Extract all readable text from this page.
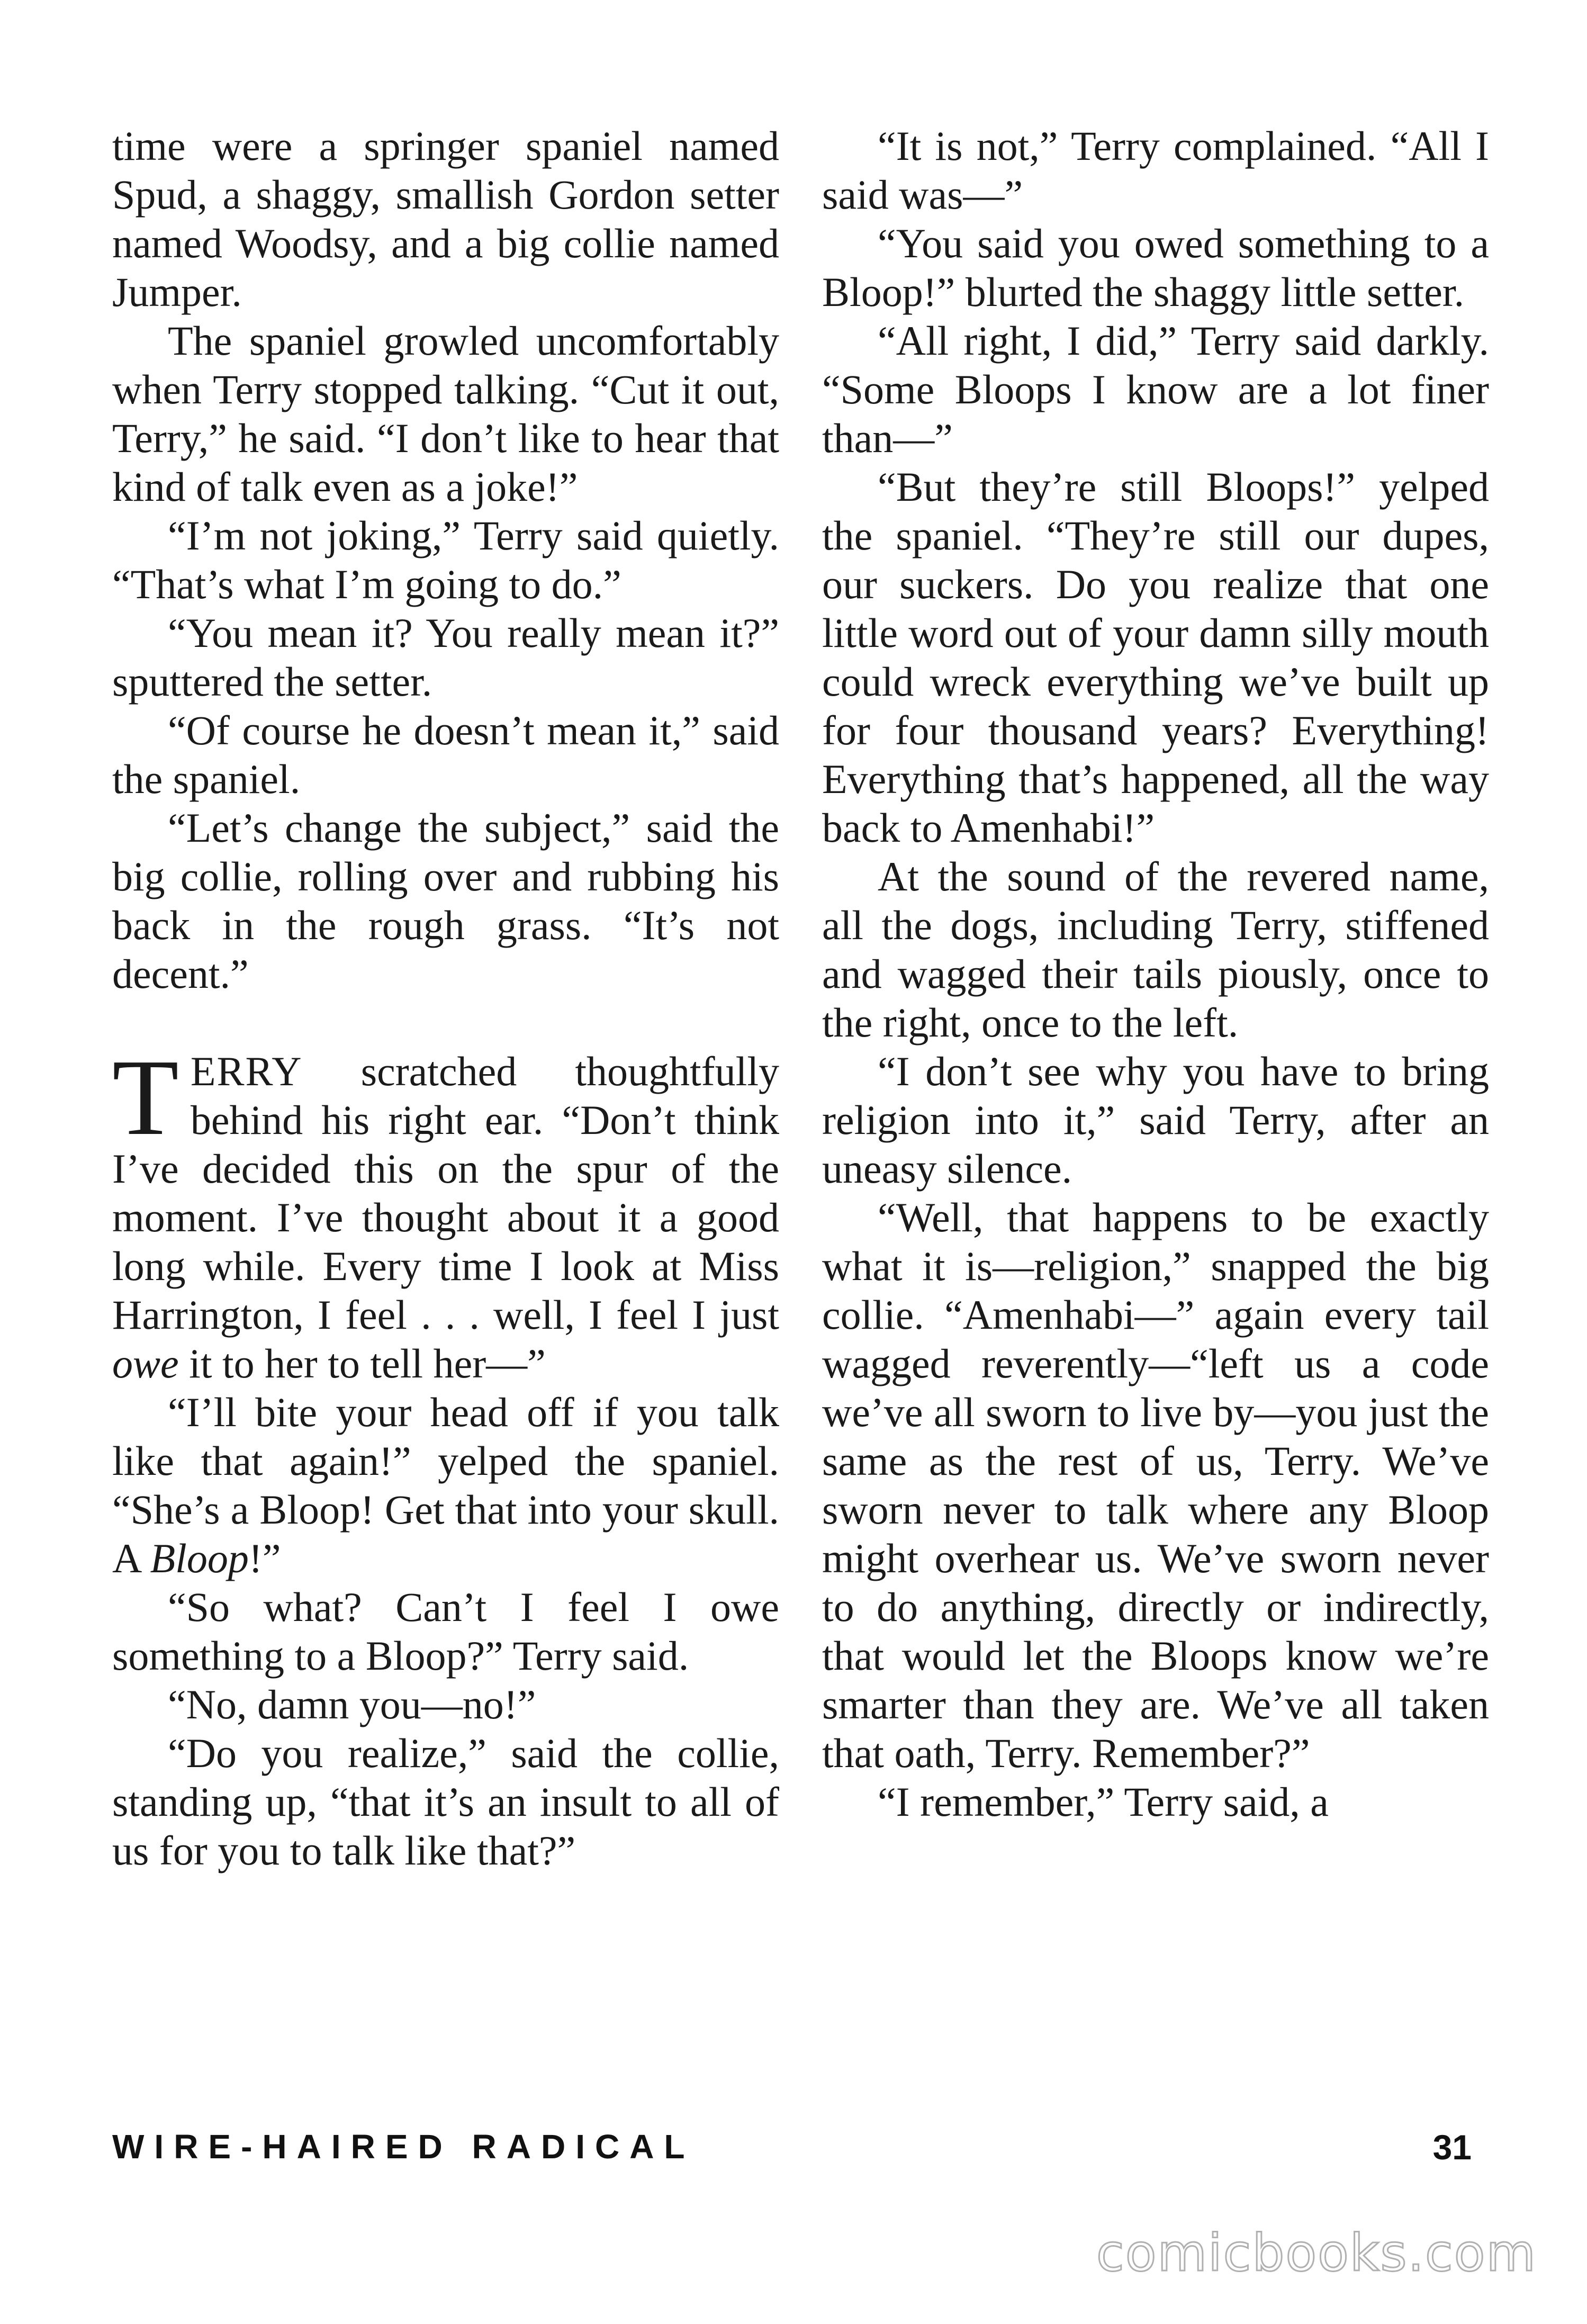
time were a springer spaniel named Spud, a shaggy, smallish Gordon setter named Woodsy, and a big collie named Jumper.

The spaniel growled uncomfortably when Terry stopped talking. “Cut it out, Terry,” he said. “I don’t like to hear that kind of talk even as a joke!”

“I’m not joking,” Terry said quietly. “That’s what I’m going to do.”

“You mean it? You really mean it?” sputtered the setter.

“Of course he doesn’t mean it,” said the spaniel.

“Let’s change the subject,” said the big collie, rolling over and rubbing his back in the rough grass. “It’s not decent.”

TERRY scratched thoughtfully behind his right ear. “Don’t think I’ve decided this on the spur of the moment. I’ve thought about it a good long while. Every time I look at Miss Harrington, I feel . . . well, I feel I just owe it to her to tell her—”

“I’ll bite your head off if you talk like that again!” yelped the spaniel. “She’s a Bloop! Get that into your skull. A Bloop!”

“So what? Can’t I feel I owe something to a Bloop?” Terry said.

“No, damn you—no!”

“Do you realize,” said the collie, standing up, “that it’s an insult to all of us for you to talk like that?”

“It is not,” Terry complained. “All I said was—”

“You said you owed something to a Bloop!” blurted the shaggy little setter.

“All right, I did,” Terry said darkly. “Some Bloops I know are a lot finer than—”

“But they’re still Bloops!” yelped the spaniel. “They’re still our dupes, our suckers. Do you realize that one little word out of your damn silly mouth could wreck everything we’ve built up for four thousand years? Everything! Everything that’s happened, all the way back to Amenhabi!”

At the sound of the revered name, all the dogs, including Terry, stiffened and wagged their tails piously, once to the right, once to the left.

“I don’t see why you have to bring religion into it,” said Terry, after an uneasy silence.

“Well, that happens to be exactly what it is—religion,” snapped the big collie. “Amenhabi—” again every tail wagged reverently—“left us a code we’ve all sworn to live by—you just the same as the rest of us, Terry. We’ve sworn never to talk where any Bloop might overhear us. We’ve sworn never to do anything, directly or indirectly, that would let the Bloops know we’re smarter than they are. We’ve all taken that oath, Terry. Remember?”

“I remember,” Terry said, a

WIRE-HAIRED RADICAL	31
comicbooks.com
